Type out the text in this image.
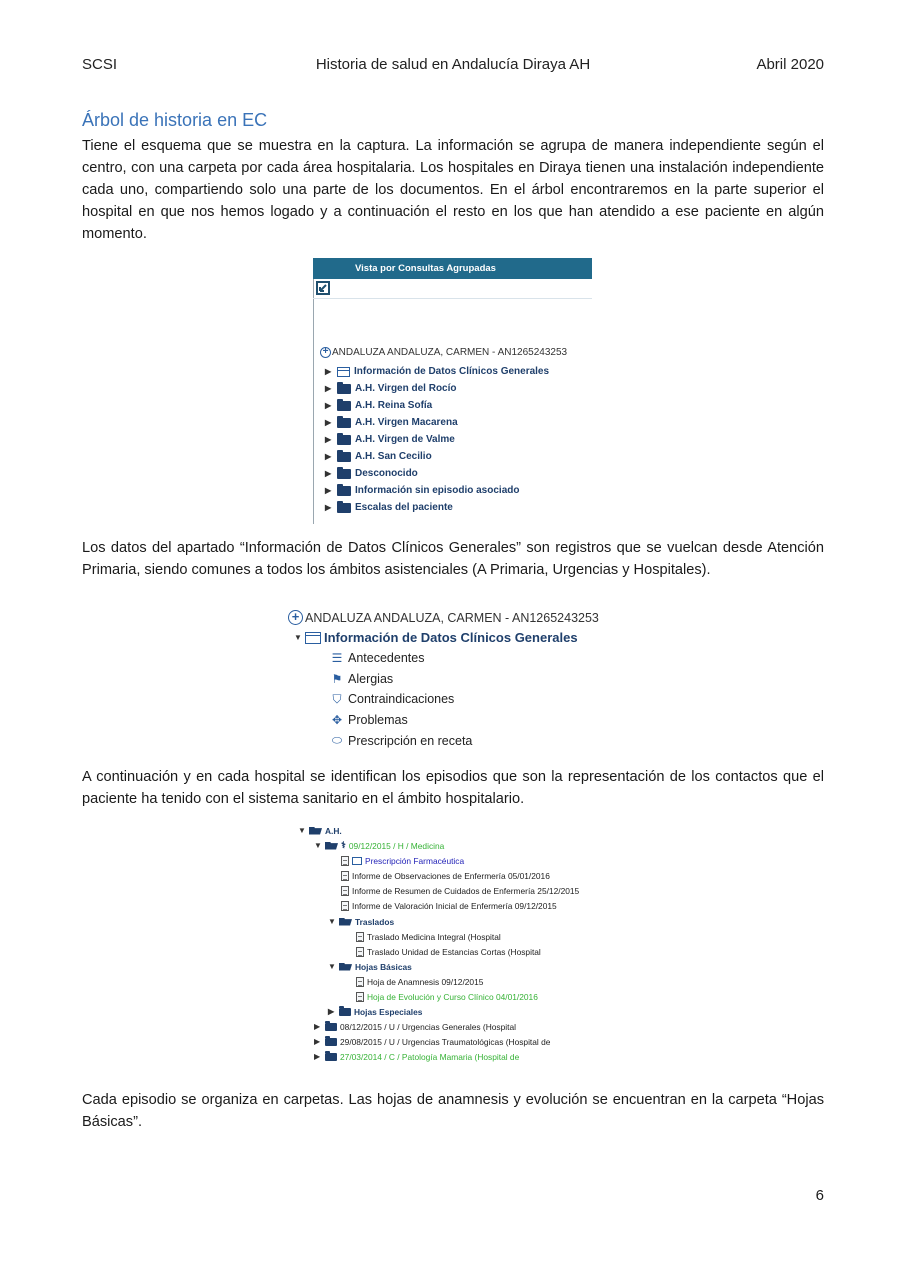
SCSI	Historia de salud en Andalucía Diraya AH	Abril 2020
Árbol de historia en EC

Tiene el esquema que se muestra en la captura. La información se agrupa de manera independiente según el centro, con una carpeta por cada área hospitalaria. Los hospitales en Diraya tienen una instalación independiente cada uno, compartiendo solo una parte de los documentos. En el árbol encontraremos en la parte superior el hospital en que nos hemos logado y a continuación el resto en los que han atendido a ese paciente en algún momento.

Vista por Consultas Agrupadas
+ ANDALUZA ANDALUZA, CARMEN - AN1265243253
▶ Información de Datos Clínicos Generales
▶ A.H. Virgen del Rocío
▶ A.H. Reina Sofía
▶ A.H. Virgen Macarena
▶ A.H. Virgen de Valme
▶ A.H. San Cecilio
▶ Desconocido
▶ Información sin episodio asociado
▶ Escalas del paciente

Los datos del apartado “Información de Datos Clínicos Generales” son registros que se vuelcan desde Atención Primaria, siendo comunes a todos los ámbitos asistenciales (A Primaria, Urgencias y Hospitales).

+ ANDALUZA ANDALUZA, CARMEN - AN1265243253
▼ Información de Datos Clínicos Generales
☰ Antecedentes
⚑ Alergias
⛉ Contraindicaciones
✥ Problemas
⬭ Prescripción en receta

A continuación y en cada hospital se identifican los episodios que son la representación de los contactos que el paciente ha tenido con el sistema sanitario en el ámbito hospitalario.

▼ A.H.
▼ ⚕ 09/12/2015 / H / Medicina
Prescripción Farmacéutica
Informe de Observaciones de Enfermería 05/01/2016
Informe de Resumen de Cuidados de Enfermería 25/12/2015
Informe de Valoración Inicial de Enfermería 09/12/2015
▼ Traslados
Traslado Medicina Integral (Hospital
Traslado Unidad de Estancias Cortas (Hospital
▼ Hojas Básicas
Hoja de Anamnesis 09/12/2015
Hoja de Evolución y Curso Clínico 04/01/2016
▶ Hojas Especiales
▶ 08/12/2015 / U / Urgencias Generales (Hospital
▶ 29/08/2015 / U / Urgencias Traumatológicas (Hospital de
▶ 27/03/2014 / C / Patología Mamaria (Hospital de

Cada episodio se organiza en carpetas. Las hojas de anamnesis y evolución se encuentran en la carpeta “Hojas Básicas”.

6
